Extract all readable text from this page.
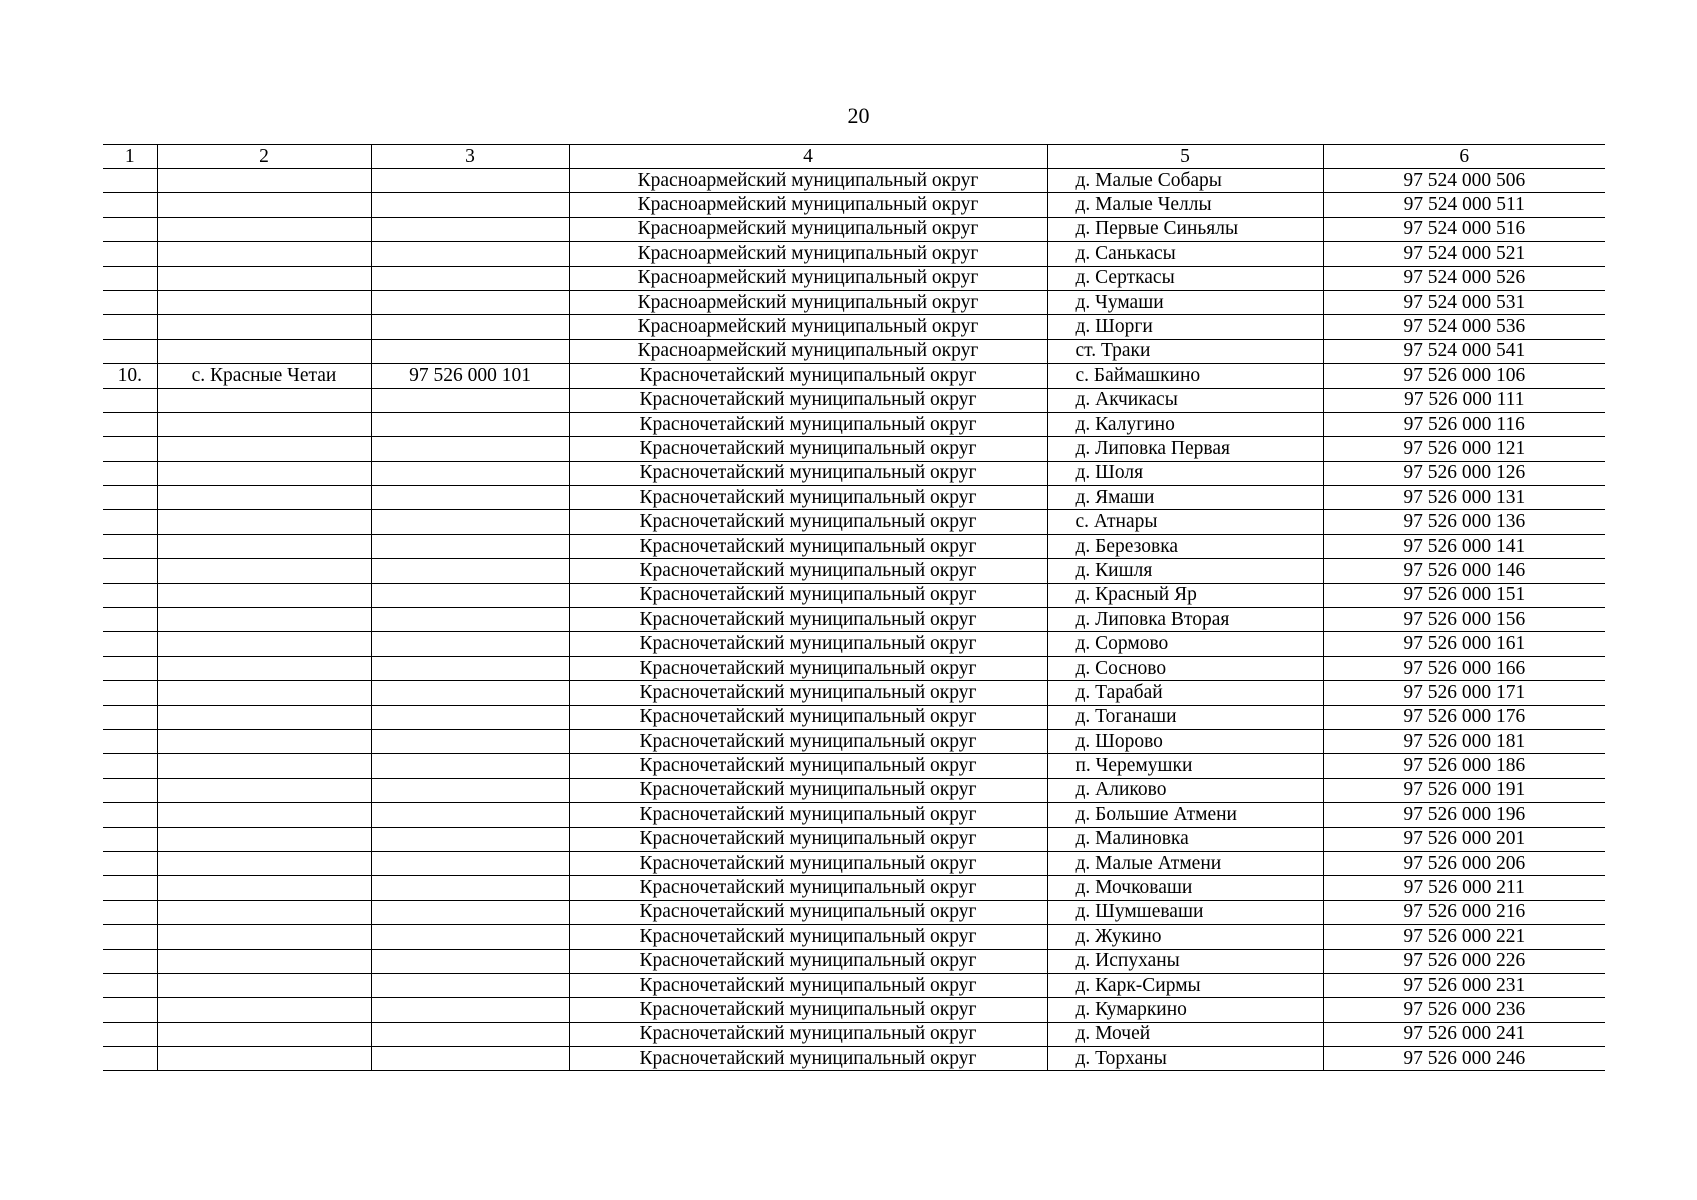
20
1	2	3	4	5	6
			Красноармейский муниципальный округ	д. Малые Собары	97 524 000 506
			Красноармейский муниципальный округ	д. Малые Челлы	97 524 000 511
			Красноармейский муниципальный округ	д. Первые Синьялы	97 524 000 516
			Красноармейский муниципальный округ	д. Санькасы	97 524 000 521
			Красноармейский муниципальный округ	д. Серткасы	97 524 000 526
			Красноармейский муниципальный округ	д. Чумаши	97 524 000 531
			Красноармейский муниципальный округ	д. Шорги	97 524 000 536
			Красноармейский муниципальный округ	ст. Траки	97 524 000 541
10.	с. Красные Четаи	97 526 000 101	Красночетайский муниципальный округ	с. Баймашкино	97 526 000 106
			Красночетайский муниципальный округ	д. Акчикасы	97 526 000 111
			Красночетайский муниципальный округ	д. Калугино	97 526 000 116
			Красночетайский муниципальный округ	д. Липовка Первая	97 526 000 121
			Красночетайский муниципальный округ	д. Шоля	97 526 000 126
			Красночетайский муниципальный округ	д. Ямаши	97 526 000 131
			Красночетайский муниципальный округ	с. Атнары	97 526 000 136
			Красночетайский муниципальный округ	д. Березовка	97 526 000 141
			Красночетайский муниципальный округ	д. Кишля	97 526 000 146
			Красночетайский муниципальный округ	д. Красный Яр	97 526 000 151
			Красночетайский муниципальный округ	д. Липовка Вторая	97 526 000 156
			Красночетайский муниципальный округ	д. Сормово	97 526 000 161
			Красночетайский муниципальный округ	д. Сосново	97 526 000 166
			Красночетайский муниципальный округ	д. Тарабай	97 526 000 171
			Красночетайский муниципальный округ	д. Тоганаши	97 526 000 176
			Красночетайский муниципальный округ	д. Шорово	97 526 000 181
			Красночетайский муниципальный округ	п. Черемушки	97 526 000 186
			Красночетайский муниципальный округ	д. Аликово	97 526 000 191
			Красночетайский муниципальный округ	д. Большие Атмени	97 526 000 196
			Красночетайский муниципальный округ	д. Малиновка	97 526 000 201
			Красночетайский муниципальный округ	д. Малые Атмени	97 526 000 206
			Красночетайский муниципальный округ	д. Мочковаши	97 526 000 211
			Красночетайский муниципальный округ	д. Шумшеваши	97 526 000 216
			Красночетайский муниципальный округ	д. Жукино	97 526 000 221
			Красночетайский муниципальный округ	д. Испуханы	97 526 000 226
			Красночетайский муниципальный округ	д. Карк-Сирмы	97 526 000 231
			Красночетайский муниципальный округ	д. Кумаркино	97 526 000 236
			Красночетайский муниципальный округ	д. Мочей	97 526 000 241
			Красночетайский муниципальный округ	д. Торханы	97 526 000 246
